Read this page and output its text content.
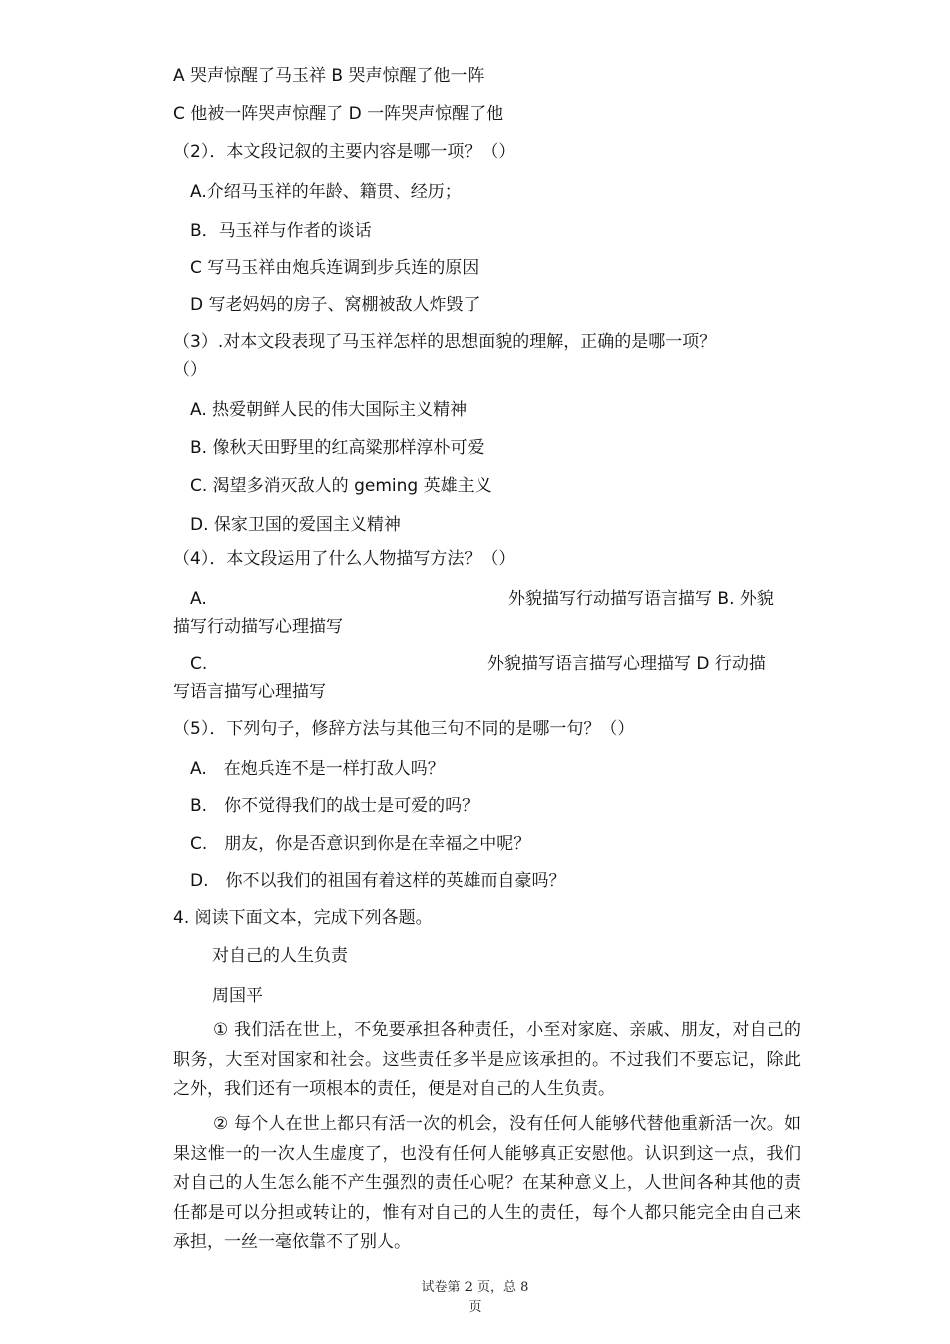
A 哭声惊醒了马玉祥 B 哭声惊醒了他一阵
C 他被一阵哭声惊醒了 D 一阵哭声惊醒了他
（2）．本文段记叙的主要内容是哪一项？（）
A.介绍马玉祥的年龄、籍贯、经历；
B．马玉祥与作者的谈话
C 写马玉祥由炮兵连调到步兵连的原因
D 写老妈妈的房子、窝棚被敌人炸毁了
（3）.对本文段表现了马玉祥怎样的思想面貌的理解，正确的是哪一项？
（）
A. 热爱朝鲜人民的伟大国际主义精神
B. 像秋天田野里的红高粱那样淳朴可爱
C. 渴望多消灭敌人的 geming 英雄主义
D. 保家卫国的爱国主义精神
（4）．本文段运用了什么人物描写方法？（）
A.	外貌描写行动描写语言描写 B. 外貌
描写行动描写心理描写
C.	外貌描写语言描写心理描写 D 行动描
写语言描写心理描写
（5）．下列句子，修辞方法与其他三句不同的是哪一句？（）
A.　在炮兵连不是一样打敌人吗？
B.　你不觉得我们的战士是可爱的吗？
C.　朋友，你是否意识到你是在幸福之中呢？
D.　你不以我们的祖国有着这样的英雄而自豪吗？
4. 阅读下面文本，完成下列各题。
对自己的人生负责
周国平
① 我们活在世上，不免要承担各种责任，小至对家庭、亲戚、朋友，对自己的职务，大至对国家和社会。这些责任多半是应该承担的。不过我们不要忘记，除此之外，我们还有一项根本的责任，便是对自己的人生负责。
② 每个人在世上都只有活一次的机会，没有任何人能够代替他重新活一次。如果这惟一的一次人生虚度了，也没有任何人能够真正安慰他。认识到这一点，我们对自己的人生怎么能不产生强烈的责任心呢？在某种意义上，人世间各种其他的责任都是可以分担或转让的，惟有对自己的人生的责任，每个人都只能完全由自己来承担，一丝一毫依靠不了别人。
试卷第 2 页，总 8
页
